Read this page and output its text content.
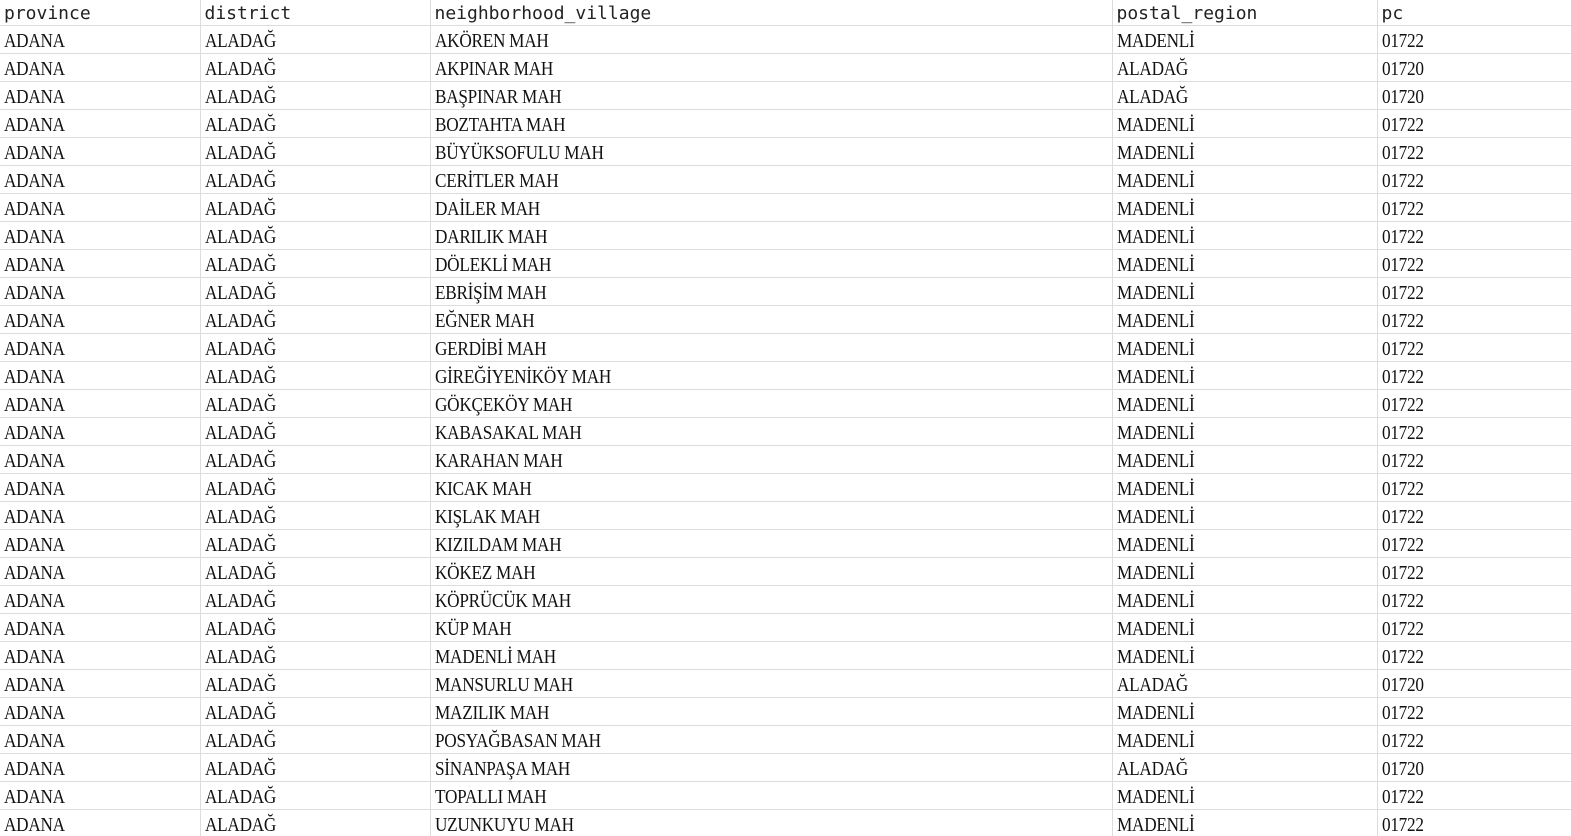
province	district	neighborhood_village	postal_region	pc
ADANA	ALADAĞ	AKÖREN MAH	MADENLİ	01722
ADANA	ALADAĞ	AKPINAR MAH	ALADAĞ	01720
ADANA	ALADAĞ	BAŞPINAR MAH	ALADAĞ	01720
ADANA	ALADAĞ	BOZTAHTA MAH	MADENLİ	01722
ADANA	ALADAĞ	BÜYÜKSOFULU MAH	MADENLİ	01722
ADANA	ALADAĞ	CERİTLER MAH	MADENLİ	01722
ADANA	ALADAĞ	DAİLER MAH	MADENLİ	01722
ADANA	ALADAĞ	DARILIK MAH	MADENLİ	01722
ADANA	ALADAĞ	DÖLEKLİ MAH	MADENLİ	01722
ADANA	ALADAĞ	EBRİŞİM MAH	MADENLİ	01722
ADANA	ALADAĞ	EĞNER MAH	MADENLİ	01722
ADANA	ALADAĞ	GERDİBİ MAH	MADENLİ	01722
ADANA	ALADAĞ	GİREĞİYENİKÖY MAH	MADENLİ	01722
ADANA	ALADAĞ	GÖKÇEKÖY MAH	MADENLİ	01722
ADANA	ALADAĞ	KABASAKAL MAH	MADENLİ	01722
ADANA	ALADAĞ	KARAHAN MAH	MADENLİ	01722
ADANA	ALADAĞ	KICAK MAH	MADENLİ	01722
ADANA	ALADAĞ	KIŞLAK MAH	MADENLİ	01722
ADANA	ALADAĞ	KIZILDAM MAH	MADENLİ	01722
ADANA	ALADAĞ	KÖKEZ MAH	MADENLİ	01722
ADANA	ALADAĞ	KÖPRÜCÜK MAH	MADENLİ	01722
ADANA	ALADAĞ	KÜP MAH	MADENLİ	01722
ADANA	ALADAĞ	MADENLİ MAH	MADENLİ	01722
ADANA	ALADAĞ	MANSURLU MAH	ALADAĞ	01720
ADANA	ALADAĞ	MAZILIK MAH	MADENLİ	01722
ADANA	ALADAĞ	POSYAĞBASAN MAH	MADENLİ	01722
ADANA	ALADAĞ	SİNANPAŞA MAH	ALADAĞ	01720
ADANA	ALADAĞ	TOPALLI MAH	MADENLİ	01722
ADANA	ALADAĞ	UZUNKUYU MAH	MADENLİ	01722
